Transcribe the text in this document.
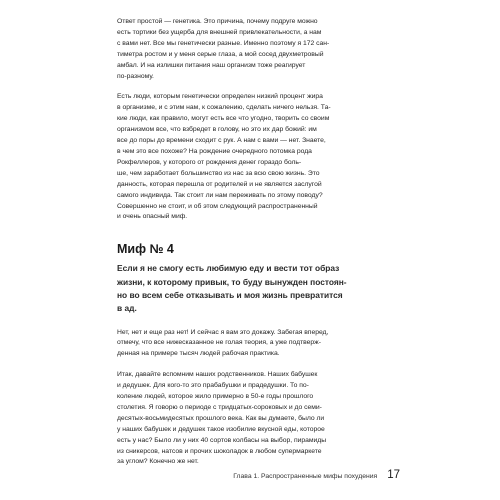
Ответ простой — генетика. Это причина, почему подруге можно
есть тортики без ущерба для внешней привлекательности, а нам
с вами нет. Все мы генетически разные. Именно поэтому я 172 сан-
тиметра ростом и у меня серые глаза, а мой сосед двухметровый
амбал. И на излишки питания наш организм тоже реагирует
по-разному.

Есть люди, которым генетически определен низкий процент жира
в организме, и с этим нам, к сожалению, сделать ничего нельзя. Та-
кие люди, как правило, могут есть все что угодно, творить со своим
организмом все, что взбредет в голову, но это их дар божий: им
все до поры до времени сходит с рук. А нам с вами — нет. Знаете,
в чем это все похоже? На рождение очередного потомка рода
Рокфеллеров, у которого от рождения денег гораздо боль-
ше, чем заработает большинство из нас за всю свою жизнь. Это
данность, которая перешла от родителей и не является заслугой
самого индивида. Так стоит ли нам переживать по этому поводу?
Совершенно не стоит, и об этом следующий распространенный
и очень опасный миф.

Миф № 4

Если я не смогу есть любимую еду и вести тот образ
жизни, к которому привык, то буду вынужден постоян-
но во всем себе отказывать и моя жизнь превратится
в ад.

Нет, нет и еще раз нет! И сейчас я вам это докажу. Забегая вперед,
отмечу, что все нижесказанное не голая теория, а уже подтверж-
денная на примере тысяч людей рабочая практика.

Итак, давайте вспомним наших родственников. Наших бабушек
и дедушек. Для кого-то это прабабушки и прадедушки. То по-
коление людей, которое жило примерно в 50-е годы прошлого
столетия. Я говорю о периоде с тридцатых-сороковых и до семи-
десятых-восьмидесятых прошлого века. Как вы думаете, было ли
у наших бабушек и дедушек такое изобилие вкусной еды, которое
есть у нас? Было ли у них 40 сортов колбасы на выбор, пирамиды
из сникерсов, натсов и прочих шоколадок в любом супермаркете
за углом? Конечно же нет.

Глава 1. Распространенные мифы похудения 17
